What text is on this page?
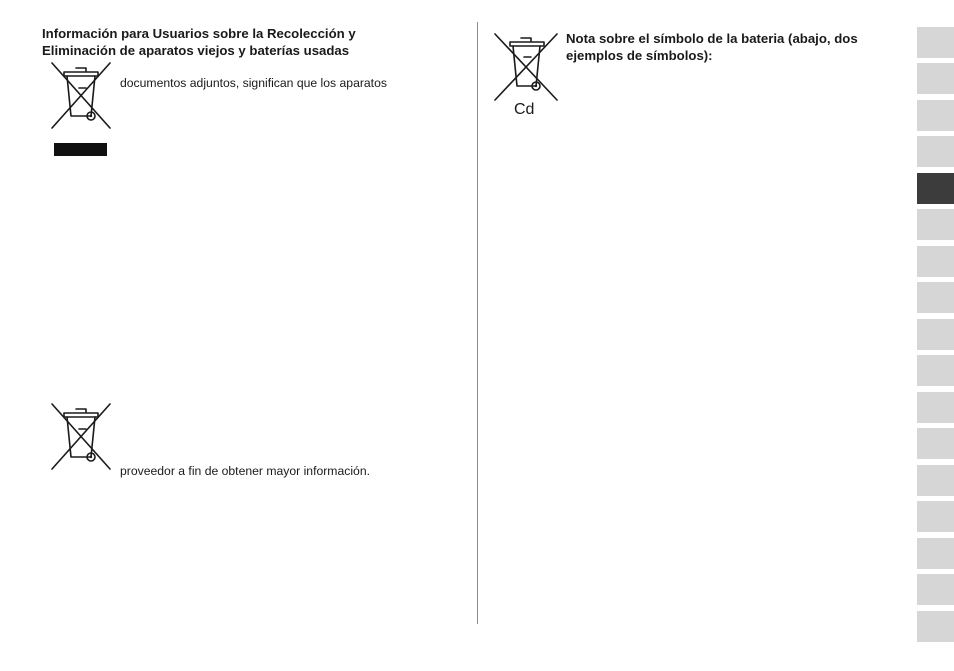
Información para Usuarios sobre la Recolección y
Eliminación de aparatos viejos y baterías usadas
documentos adjuntos, significan que los aparatos
proveedor a fin de obtener mayor información.
Cd
Nota sobre el símbolo de la bateria (abajo, dos
ejemplos de símbolos):
